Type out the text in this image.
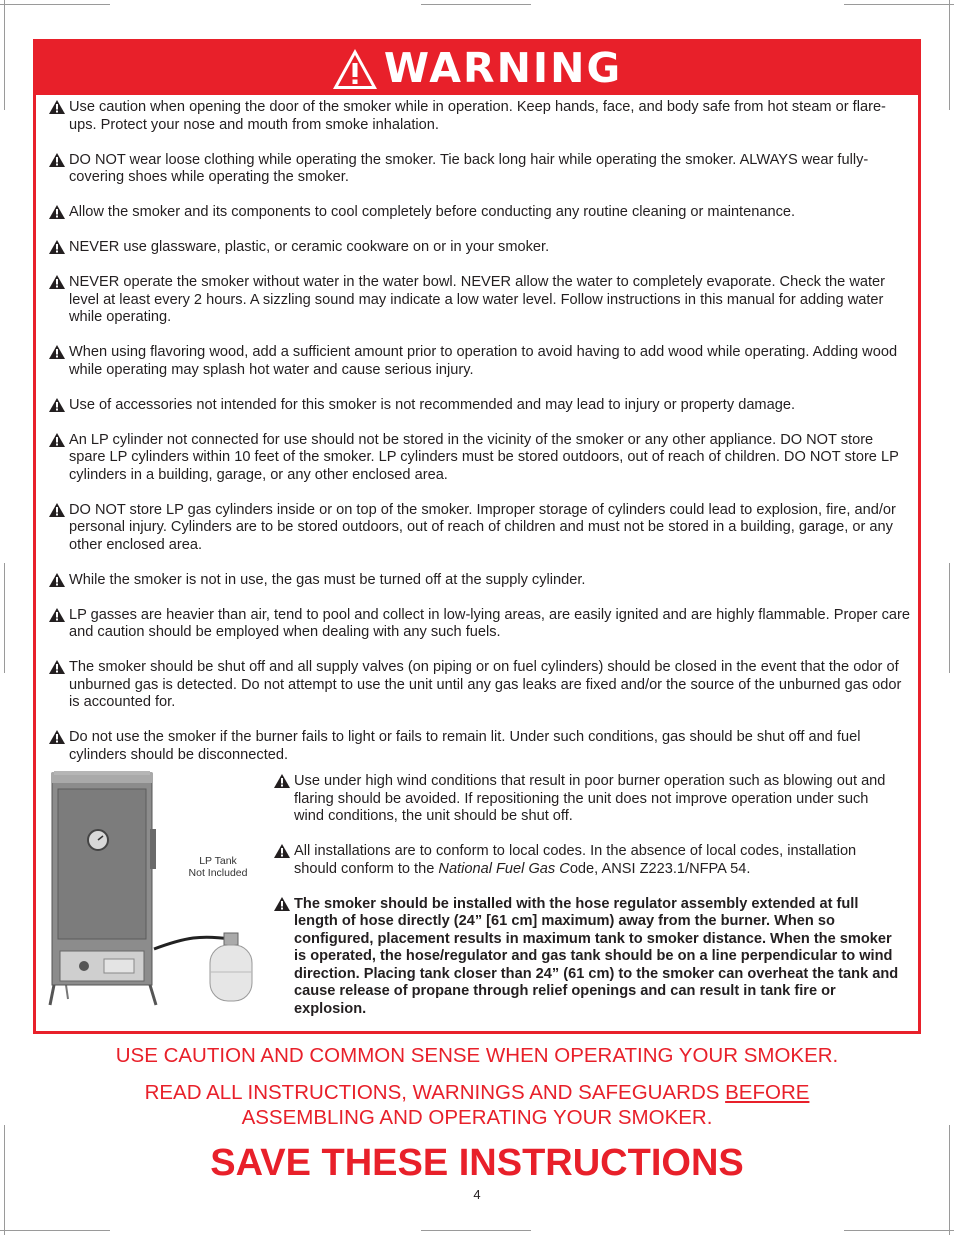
WARNING
Use caution when opening the door of the smoker while in operation. Keep hands, face, and body safe from hot steam or flare-ups. Protect your nose and mouth from smoke inhalation.
DO NOT wear loose clothing while operating the smoker. Tie back long hair while operating the smoker. ALWAYS wear fully-covering shoes while operating the smoker.
Allow the smoker and its components to cool completely before conducting any routine cleaning or maintenance.
NEVER use glassware, plastic, or ceramic cookware on or in your smoker.
NEVER operate the smoker without water in the water bowl. NEVER allow the water to completely evaporate. Check the water level at least every 2 hours. A sizzling sound may indicate a low water level. Follow instructions in this manual for adding water while operating.
When using flavoring wood, add a sufficient amount prior to operation to avoid having to add wood while operating. Adding wood while operating may splash hot water and cause serious injury.
Use of accessories not intended for this smoker is not recommended and may lead to injury or property damage.
An LP cylinder not connected for use should not be stored in the vicinity of the smoker or any other appliance. DO NOT store spare LP cylinders within 10 feet of the smoker. LP cylinders must be stored outdoors, out of reach of children. DO NOT store LP cylinders in a building, garage, or any other enclosed area.
DO NOT store LP gas cylinders inside or on top of the smoker. Improper storage of cylinders could lead to explosion, fire, and/or personal injury. Cylinders are to be stored outdoors, out of reach of children and must not be stored in a building, garage, or any other enclosed area.
While the smoker is not in use, the gas must be turned off at the supply cylinder.
LP gasses are heavier than air, tend to pool and collect in low-lying areas, are easily ignited and are highly flammable. Proper care and caution should be employed when dealing with any such fuels.
The smoker should be shut off and all supply valves (on piping or on fuel cylinders) should be closed in the event that the odor of unburned gas is detected. Do not attempt to use the unit until any gas leaks are fixed and/or the source of the unburned gas odor is accounted for.
Do not use the smoker if the burner fails to light or fails to remain lit. Under such conditions, gas should be shut off and fuel cylinders should be disconnected.
LP Tank
Not Included
Use under high wind conditions that result in poor burner operation such as blowing out and flaring should be avoided. If repositioning the unit does not improve operation under such wind conditions, the unit should be shut off.
All installations are to conform to local codes. In the absence of local codes, installation should conform to the National Fuel Gas Code, ANSI Z223.1/NFPA 54.
The smoker should be installed with the hose regulator assembly extended at full length of hose directly (24” [61 cm] maximum) away from the burner. When so configured, placement results in maximum tank to smoker distance. When the smoker is operated, the hose/regulator and gas tank should be on a line perpendicular to wind direction. Placing tank closer than 24” (61 cm) to the smoker can overheat the tank and cause release of propane through relief openings and can result in tank fire or explosion.
USE CAUTION AND COMMON SENSE WHEN OPERATING YOUR SMOKER.
READ ALL INSTRUCTIONS, WARNINGS AND SAFEGUARDS BEFORE
ASSEMBLING AND OPERATING YOUR SMOKER.
SAVE THESE INSTRUCTIONS
4
